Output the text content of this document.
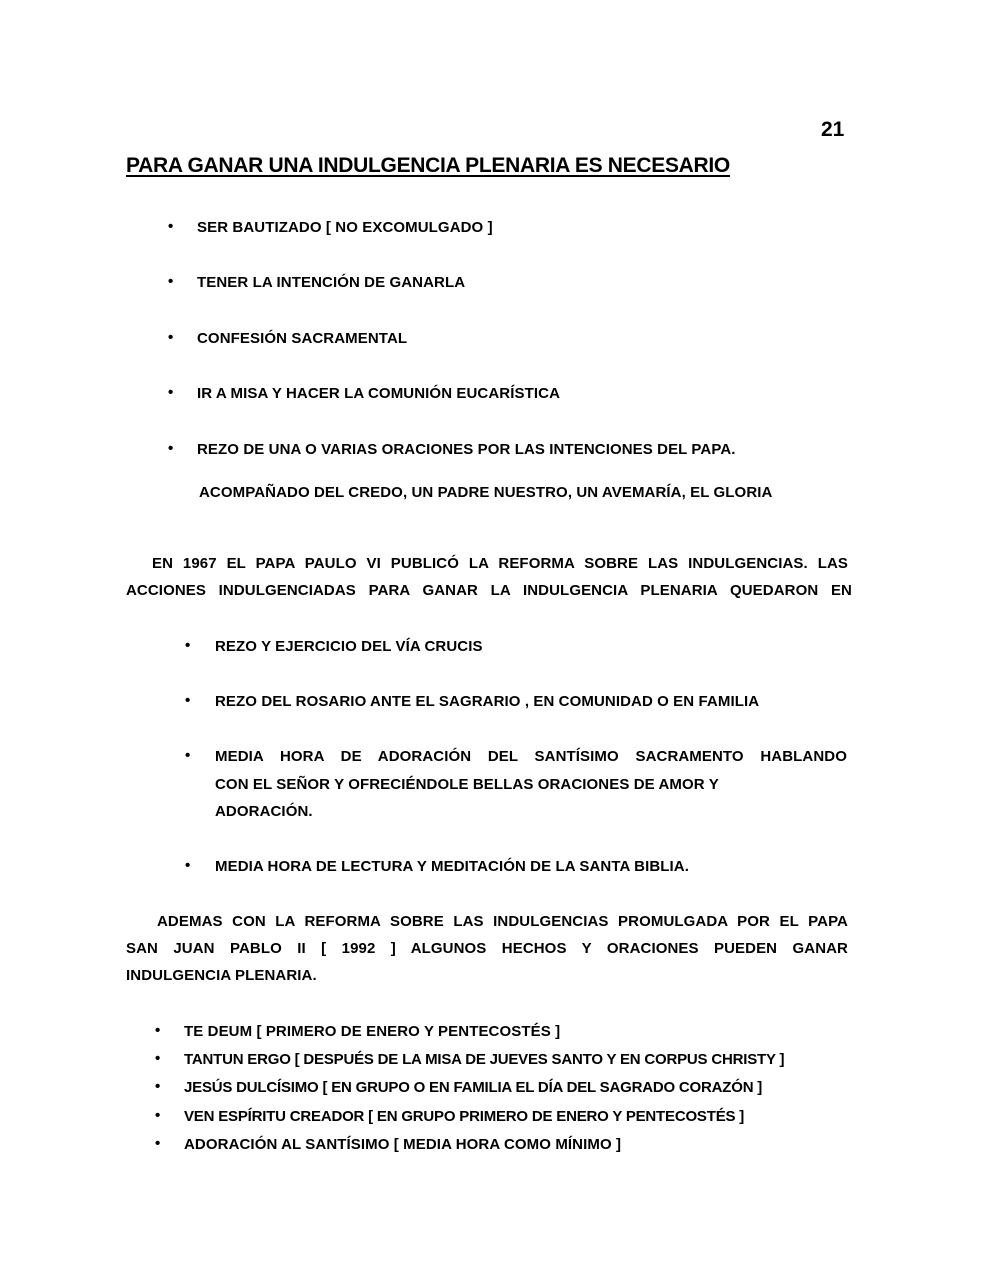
21
PARA GANAR UNA INDULGENCIA PLENARIA ES NECESARIO
• SER BAUTIZADO [ NO EXCOMULGADO ]
• TENER LA INTENCIÓN DE GANARLA
• CONFESIÓN SACRAMENTAL
• IR A MISA Y HACER LA COMUNIÓN EUCARÍSTICA
• REZO DE UNA O VARIAS ORACIONES POR LAS INTENCIONES DEL PAPA.
ACOMPAÑADO DEL CREDO, UN PADRE NUESTRO, UN AVEMARÍA, EL GLORIA
EN 1967 EL PAPA PAULO VI PUBLICÓ LA REFORMA SOBRE LAS INDULGENCIAS. LAS
ACCIONES INDULGENCIADAS PARA GANAR LA INDULGENCIA PLENARIA QUEDARON EN
• REZO Y EJERCICIO DEL VÍA CRUCIS
• REZO DEL ROSARIO ANTE EL SAGRARIO , EN COMUNIDAD O EN FAMILIA
• MEDIA HORA DE ADORACIÓN DEL SANTÍSIMO SACRAMENTO HABLANDO
CON EL SEÑOR Y OFRECIÉNDOLE BELLAS ORACIONES DE AMOR Y
ADORACIÓN.
• MEDIA HORA DE LECTURA Y MEDITACIÓN DE LA SANTA BIBLIA.
ADEMAS CON LA REFORMA SOBRE LAS INDULGENCIAS PROMULGADA POR EL PAPA
SAN JUAN PABLO II [ 1992 ] ALGUNOS HECHOS Y ORACIONES PUEDEN GANAR
INDULGENCIA PLENARIA.
• TE DEUM [ PRIMERO DE ENERO Y PENTECOSTÉS ]
• TANTUN ERGO [ DESPUÉS DE LA MISA DE JUEVES SANTO Y EN CORPUS CHRISTY ]
• JESÚS DULCÍSIMO [ EN GRUPO O EN FAMILIA EL DÍA DEL SAGRADO CORAZÓN ]
• VEN ESPÍRITU CREADOR [ EN GRUPO PRIMERO DE ENERO Y PENTECOSTÉS ]
• ADORACIÓN AL SANTÍSIMO [ MEDIA HORA COMO MÍNIMO ]
